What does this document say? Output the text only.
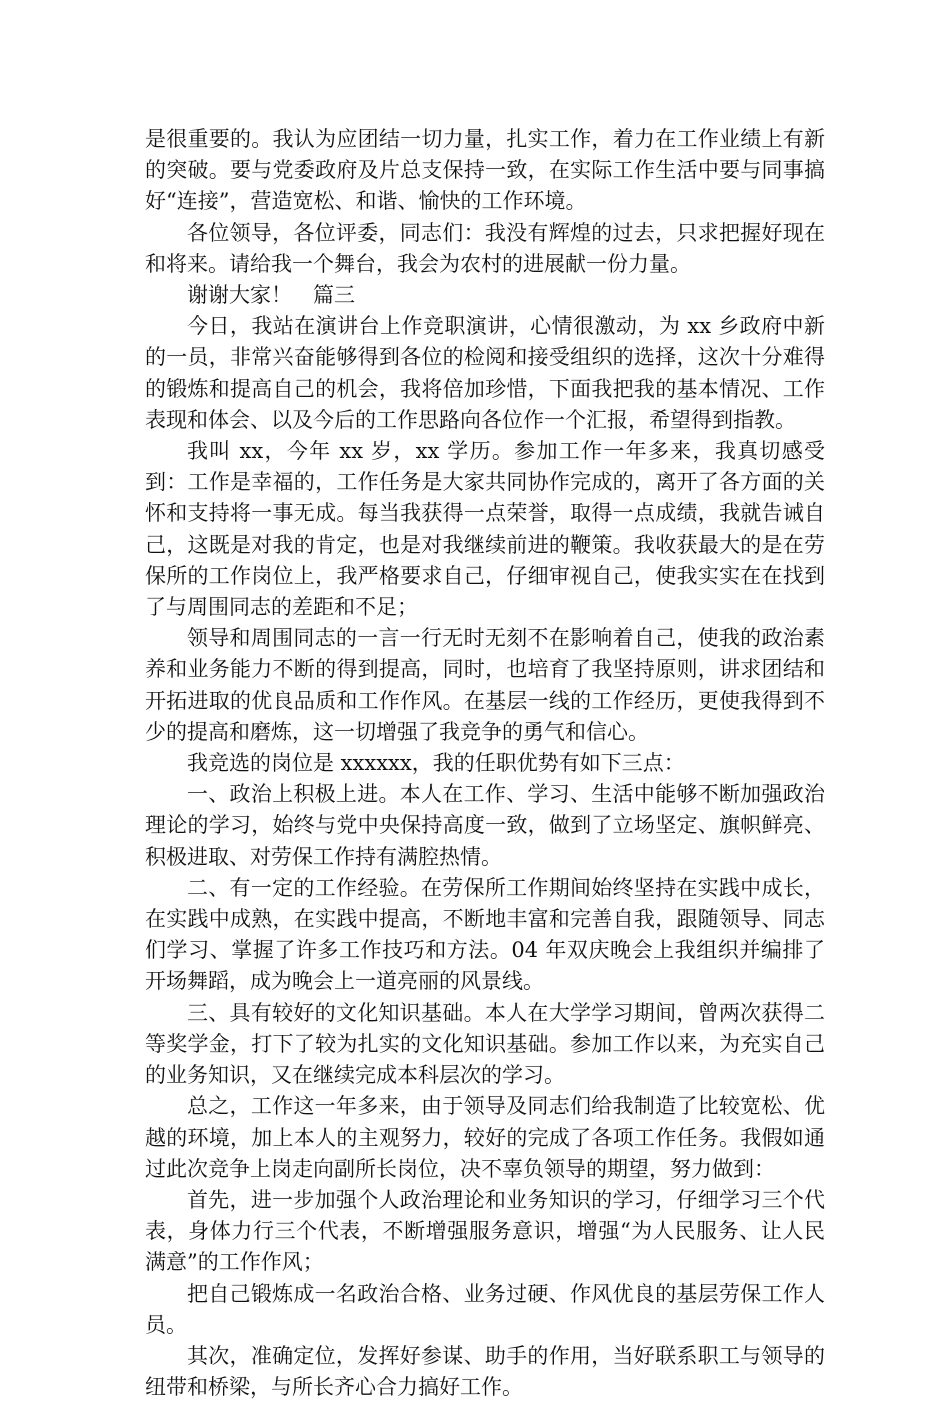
是很重要的。我认为应团结一切力量，扎实工作，着力在工作业绩上有新的突破。要与党委政府及片总支保持一致，在实际工作生活中要与同事搞好“连接”，营造宽松、和谐、愉快的工作环境。

各位领导，各位评委，同志们：我没有辉煌的过去，只求把握好现在和将来。请给我一个舞台，我会为农村的进展献一份力量。

谢谢大家！　篇三

今日，我站在演讲台上作竞职演讲，心情很激动，为 xx 乡政府中新的一员，非常兴奋能够得到各位的检阅和接受组织的选择，这次十分难得的锻炼和提高自己的机会，我将倍加珍惜，下面我把我的基本情况、工作表现和体会、以及今后的工作思路向各位作一个汇报，希望得到指教。

我叫 xx，今年 xx 岁，xx 学历。参加工作一年多来，我真切感受到：工作是幸福的，工作任务是大家共同协作完成的，离开了各方面的关怀和支持将一事无成。每当我获得一点荣誉，取得一点成绩，我就告诫自己，这既是对我的肯定，也是对我继续前进的鞭策。我收获最大的是在劳保所的工作岗位上，我严格要求自己，仔细审视自己，使我实实在在找到了与周围同志的差距和不足；

领导和周围同志的一言一行无时无刻不在影响着自己，使我的政治素养和业务能力不断的得到提高，同时，也培育了我坚持原则，讲求团结和开拓进取的优良品质和工作作风。在基层一线的工作经历，更使我得到不少的提高和磨炼，这一切增强了我竞争的勇气和信心。

我竞选的岗位是 xxxxxx，我的任职优势有如下三点：

一、政治上积极上进。本人在工作、学习、生活中能够不断加强政治理论的学习，始终与党中央保持高度一致，做到了立场坚定、旗帜鲜亮、积极进取、对劳保工作持有满腔热情。

二、有一定的工作经验。在劳保所工作期间始终坚持在实践中成长，在实践中成熟，在实践中提高，不断地丰富和完善自我，跟随领导、同志们学习、掌握了许多工作技巧和方法。04 年双庆晚会上我组织并编排了开场舞蹈，成为晚会上一道亮丽的风景线。

三、具有较好的文化知识基础。本人在大学学习期间，曾两次获得二等奖学金，打下了较为扎实的文化知识基础。参加工作以来，为充实自己的业务知识，又在继续完成本科层次的学习。

总之，工作这一年多来，由于领导及同志们给我制造了比较宽松、优越的环境，加上本人的主观努力，较好的完成了各项工作任务。我假如通过此次竞争上岗走向副所长岗位，决不辜负领导的期望，努力做到：

首先，进一步加强个人政治理论和业务知识的学习，仔细学习三个代表，身体力行三个代表，不断增强服务意识，增强“为人民服务、让人民满意”的工作作风；

把自己锻炼成一名政治合格、业务过硬、作风优良的基层劳保工作人员。

其次，准确定位，发挥好参谋、助手的作用，当好联系职工与领导的纽带和桥梁，与所长齐心合力搞好工作。
